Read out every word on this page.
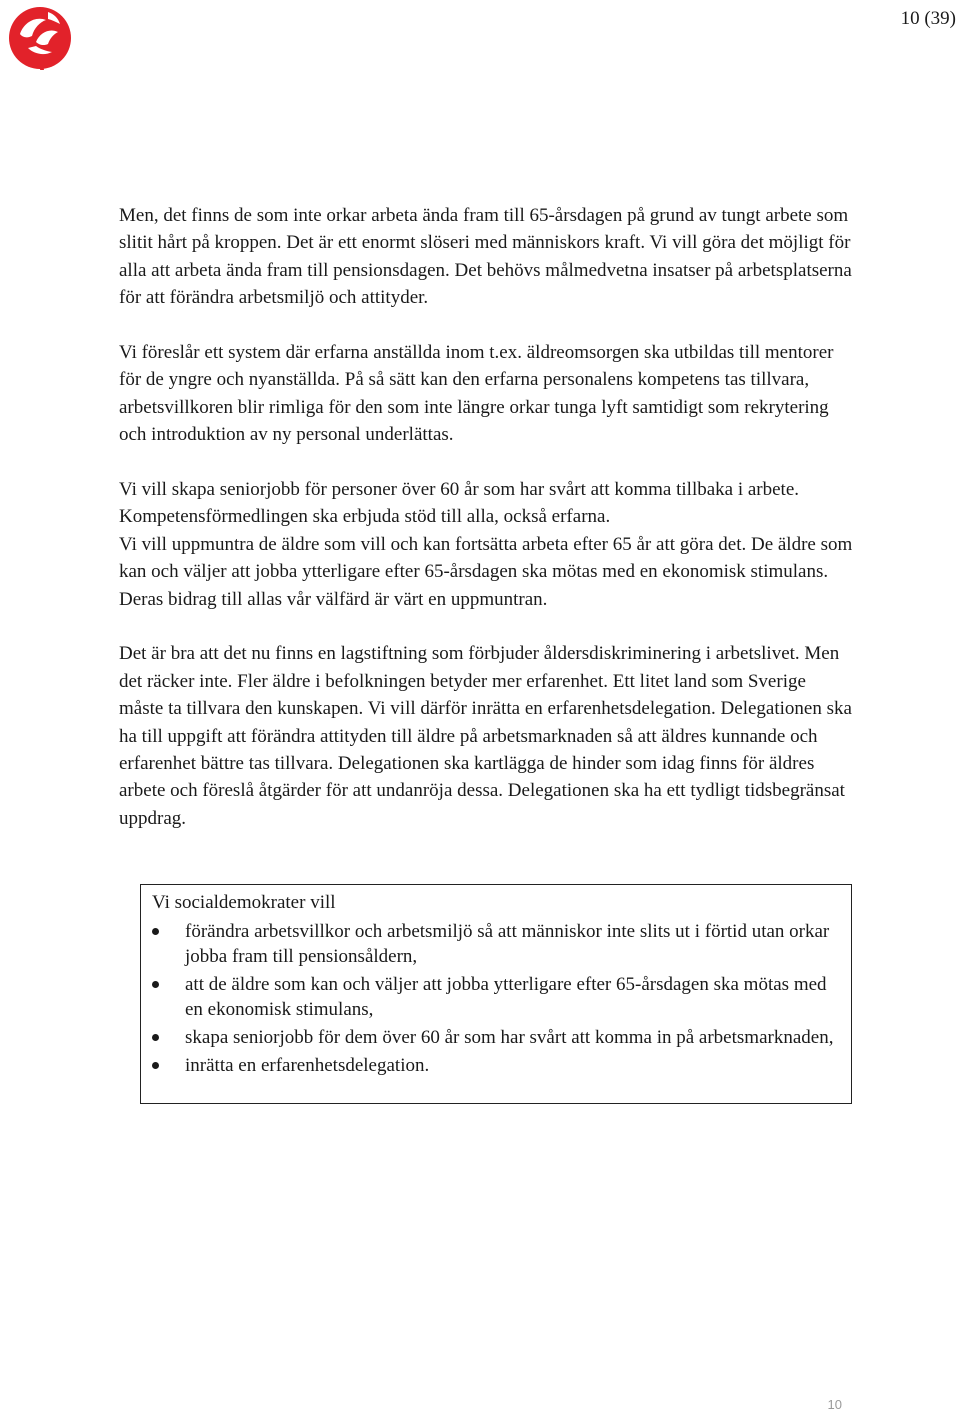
10 (39)

Men, det finns de som inte orkar arbeta ända fram till 65-årsdagen på grund av tungt arbete som slitit hårt på kroppen. Det är ett enormt slöseri med människors kraft. Vi vill göra det möjligt för alla att arbeta ända fram till pensionsdagen. Det behövs målmedvetna insatser på arbetsplatserna för att förändra arbetsmiljö och attityder.

Vi föreslår ett system där erfarna anställda inom t.ex. äldreomsorgen ska utbildas till mentorer för de yngre och nyanställda. På så sätt kan den erfarna personalens kompetens tas tillvara, arbetsvillkoren blir rimliga för den som inte längre orkar tunga lyft samtidigt som rekrytering och introduktion av ny personal underlättas.

Vi vill skapa seniorjobb för personer över 60 år som har svårt att komma tillbaka i arbete. Kompetensförmedlingen ska erbjuda stöd till alla, också erfarna.

Vi vill uppmuntra de äldre som vill och kan fortsätta arbeta efter 65 år att göra det. De äldre som kan och väljer att jobba ytterligare efter 65-årsdagen ska mötas med en ekonomisk stimulans. Deras bidrag till allas vår välfärd är värt en uppmuntran.

Det är bra att det nu finns en lagstiftning som förbjuder åldersdiskriminering i arbetslivet. Men det räcker inte. Fler äldre i befolkningen betyder mer erfarenhet. Ett litet land som Sverige måste ta tillvara den kunskapen. Vi vill därför inrätta en erfarenhetsdelegation. Delegationen ska ha till uppgift att förändra attityden till äldre på arbetsmarknaden så att äldres kunnande och erfarenhet bättre tas tillvara. Delegationen ska kartlägga de hinder som idag finns för äldres arbete och föreslå åtgärder för att undanröja dessa. Delegationen ska ha ett tydligt tidsbegränsat uppdrag.

Vi socialdemokrater vill

förändra arbetsvillkor och arbetsmiljö så att människor inte slits ut i förtid utan orkar jobba fram till pensionsåldern,
att de äldre som kan och väljer att jobba ytterligare efter 65-årsdagen ska mötas med en ekonomisk stimulans,
skapa seniorjobb för dem över 60 år som har svårt att komma in på arbetsmarknaden,
inrätta en erfarenhetsdelegation.
10
